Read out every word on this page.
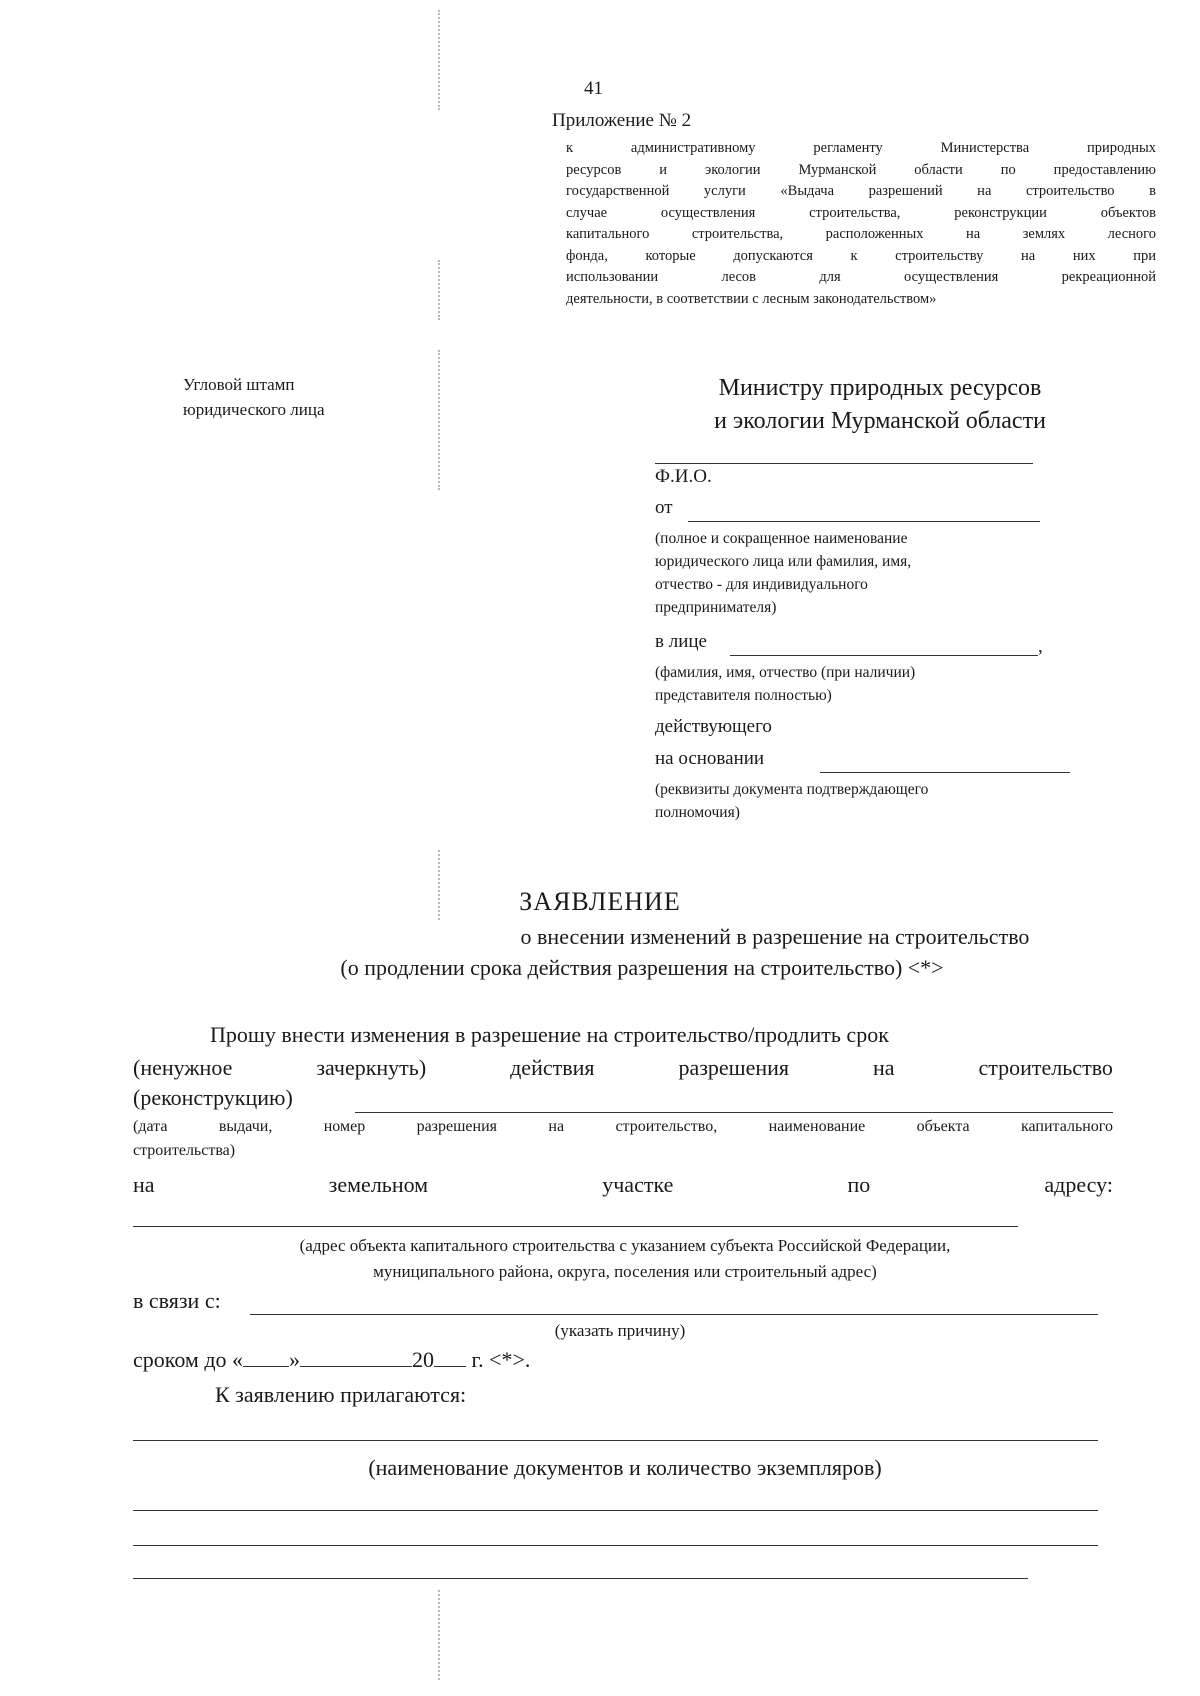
41
Приложение № 2
к административному регламенту Министерства природных
ресурсов и экологии Мурманской области по предоставлению
государственной услуги «Выдача разрешений на строительство в
случае осуществления строительства, реконструкции объектов
капитального строительства, расположенных на землях лесного
фонда, которые допускаются к строительству на них при
использовании лесов для осуществления рекреационной
деятельности, в соответствии с лесным законодательством»
Угловой штамп
юридического лица
Министру природных ресурсов
и экологии Мурманской области
Ф.И.О.
от
(полное и сокращенное наименование
юридического лица или фамилия, имя,
отчество - для индивидуального
предпринимателя)
в лице	,
(фамилия, имя, отчество (при наличии)
представителя полностью)
действующего
на основании
(реквизиты документа подтверждающего
полномочия)
ЗАЯВЛЕНИЕ
о внесении изменений в разрешение на строительство
(о продлении срока действия разрешения на строительство) <*>
Прошу внести изменения в разрешение на строительство/продлить срок
(ненужное	зачеркнуть)	действия	разрешения	на	строительство
(реконструкцию)
(дата	выдачи,	номер	разрешения	на	строительство,	наименование	объекта	капитального
строительства)
на	земельном	участке	по	адресу:
(адрес объекта капитального строительства с указанием субъекта Российской Федерации,
муниципального района, округа, поселения или строительный адрес)
в связи с:
(указать причину)
сроком до « »	20 г. <*>.
К заявлению прилагаются:
(наименование документов и количество экземпляров)
